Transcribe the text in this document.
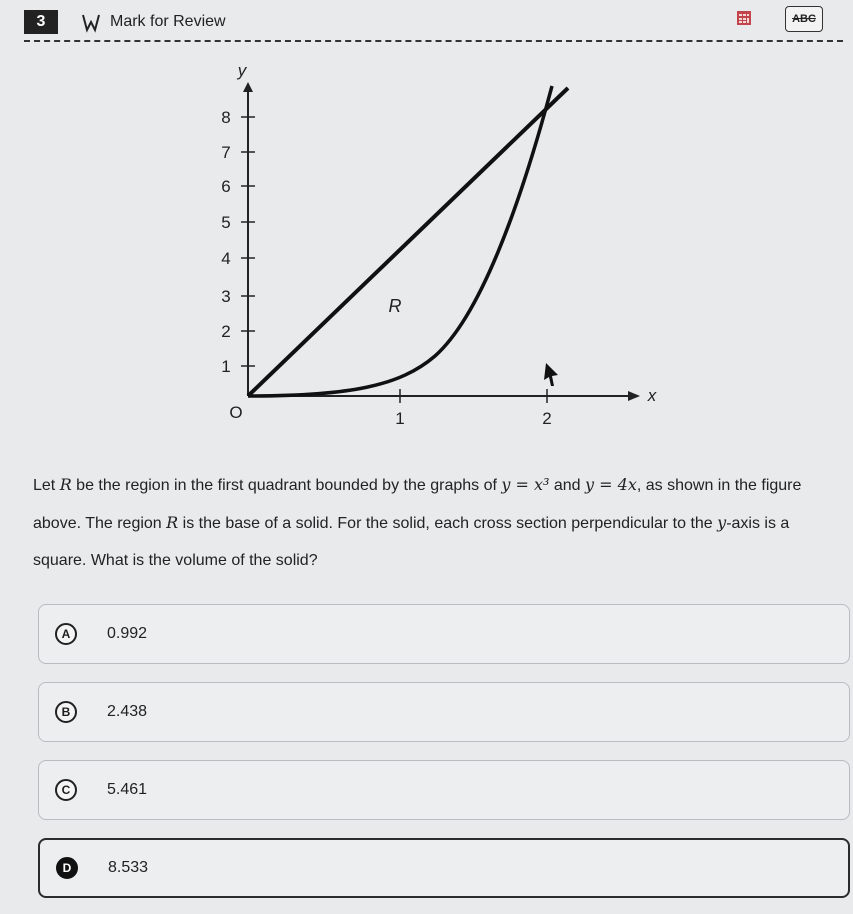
3	Mark for Review	ABC
1
2
3
4
5
6
7
8
1	2
O
y
x
R
Let R be the region in the first quadrant bounded by the graphs of y = x³ and y = 4x, as shown in the figure above. The region R is the base of a solid. For the solid, each cross section perpendicular to the y-axis is a square. What is the volume of the solid?
A	0.992
B	2.438
C	5.461
D	8.533
